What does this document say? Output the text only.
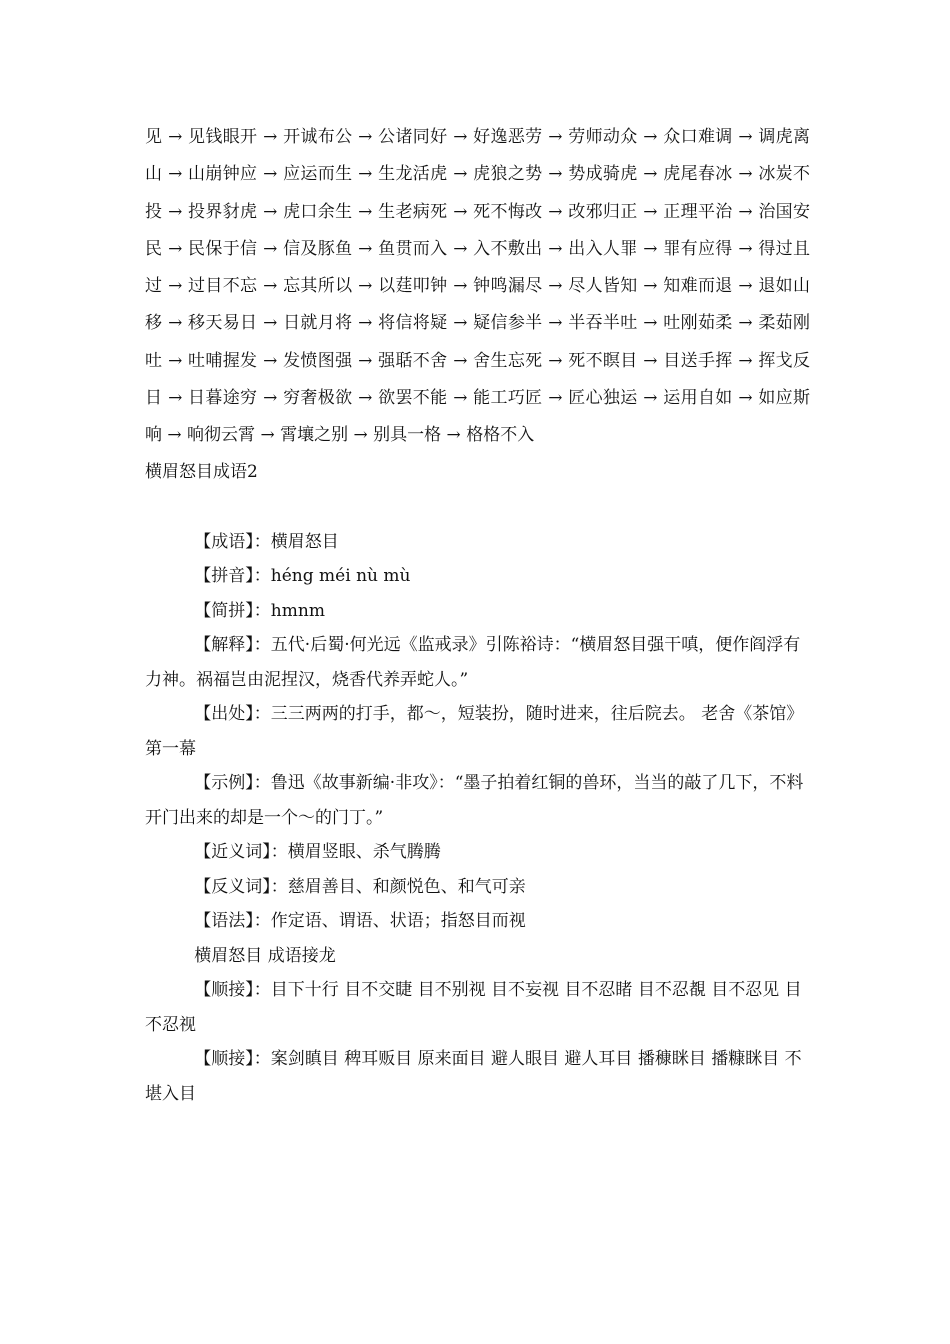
见 → 见钱眼开 → 开诚布公 → 公诸同好 → 好逸恶劳 → 劳师动众 → 众口难调 → 调虎离山 → 山崩钟应 → 应运而生 → 生龙活虎 → 虎狼之势 → 势成骑虎 → 虎尾春冰 → 冰炭不投 → 投界豺虎 → 虎口余生 → 生老病死 → 死不悔改 → 改邪归正 → 正理平治 → 治国安民 → 民保于信 → 信及豚鱼 → 鱼贯而入 → 入不敷出 → 出入人罪 → 罪有应得 → 得过且过 → 过目不忘 → 忘其所以 → 以莛叩钟 → 钟鸣漏尽 → 尽人皆知 → 知难而退 → 退如山移 → 移天易日 → 日就月将 → 将信将疑 → 疑信参半 → 半吞半吐 → 吐刚茹柔 → 柔茹刚吐 → 吐哺握发 → 发愤图强 → 强聒不舍 → 舍生忘死 → 死不瞑目 → 目送手挥 → 挥戈反日 → 日暮途穷 → 穷奢极欲 → 欲罢不能 → 能工巧匠 → 匠心独运 → 运用自如 → 如应斯响 → 响彻云霄 → 霄壤之别 → 别具一格 → 格格不入

横眉怒目成语2

【成语】：横眉怒目

【拼音】：héng méi nù mù

【简拼】：hmnm

【解释】：五代·后蜀·何光远《监戒录》引陈裕诗：“横眉怒目强干嗔，便作阎浮有力神。祸福岂由泥捏汉，烧香代养弄蛇人。”

【出处】：三三两两的打手，都～，短装扮，随时进来，往后院去。 老舍《茶馆》第一幕

【示例】：鲁迅《故事新编·非攻》：“墨子拍着红铜的兽环，当当的敲了几下，不料开门出来的却是一个～的门丁。”

【近义词】：横眉竖眼、杀气腾腾

【反义词】：慈眉善目、和颜悦色、和气可亲

【语法】：作定语、谓语、状语；指怒目而视

横眉怒目 成语接龙

【顺接】：目下十行 目不交睫 目不别视 目不妄视 目不忍睹 目不忍覩 目不忍见 目不忍视

【顺接】：案剑瞋目 稗耳贩目 原来面目 避人眼目 避人耳目 播穅眯目 播糠眯目 不堪入目
